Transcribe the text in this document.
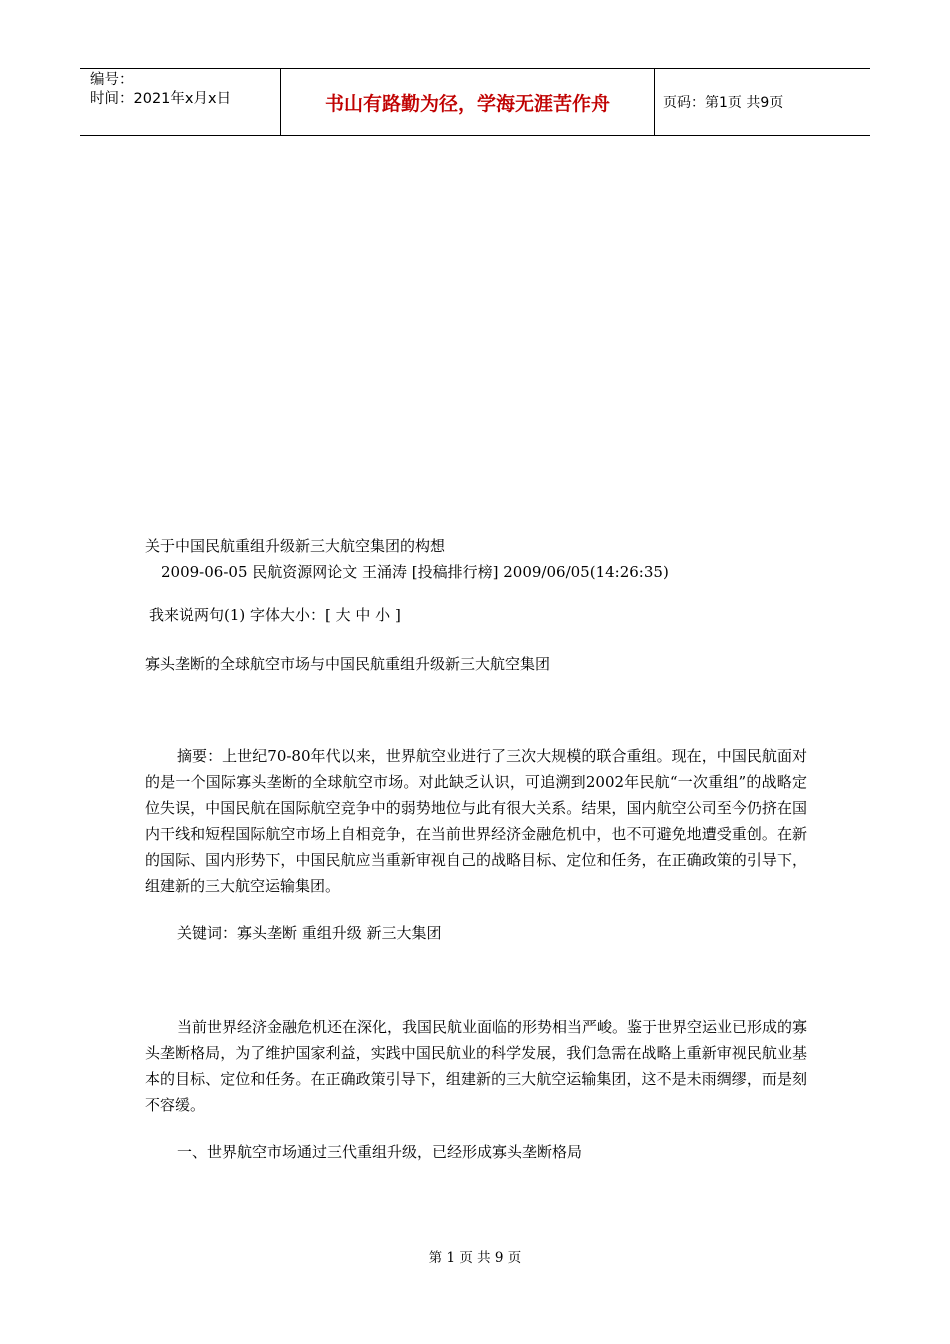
编号：
时间：2021年x月x日	书山有路勤为径，学海无涯苦作舟	页码：第1页 共9页

关于中国民航重组升级新三大航空集团的构想

2009-06-05 民航资源网论文 王涌涛 [投稿排行榜] 2009/06/05(14:26:35)

我来说两句(1) 字体大小：[ 大 中 小 ]

寡头垄断的全球航空市场与中国民航重组升级新三大航空集团

摘要：上世纪70-80年代以来，世界航空业进行了三次大规模的联合重组。现在，中国民航面对的是一个国际寡头垄断的全球航空市场。对此缺乏认识，可追溯到2002年民航“一次重组”的战略定位失误，中国民航在国际航空竞争中的弱势地位与此有很大关系。结果，国内航空公司至今仍挤在国内干线和短程国际航空市场上自相竞争，在当前世界经济金融危机中，也不可避免地遭受重创。在新的国际、国内形势下，中国民航应当重新审视自己的战略目标、定位和任务，在正确政策的引导下，组建新的三大航空运输集团。

关键词：寡头垄断 重组升级 新三大集团

当前世界经济金融危机还在深化，我国民航业面临的形势相当严峻。鉴于世界空运业已形成的寡头垄断格局，为了维护国家利益，实践中国民航业的科学发展，我们急需在战略上重新审视民航业基本的目标、定位和任务。在正确政策引导下，组建新的三大航空运输集团，这不是未雨绸缪，而是刻不容缓。

一、世界航空市场通过三代重组升级，已经形成寡头垄断格局

第 1 页 共 9 页
